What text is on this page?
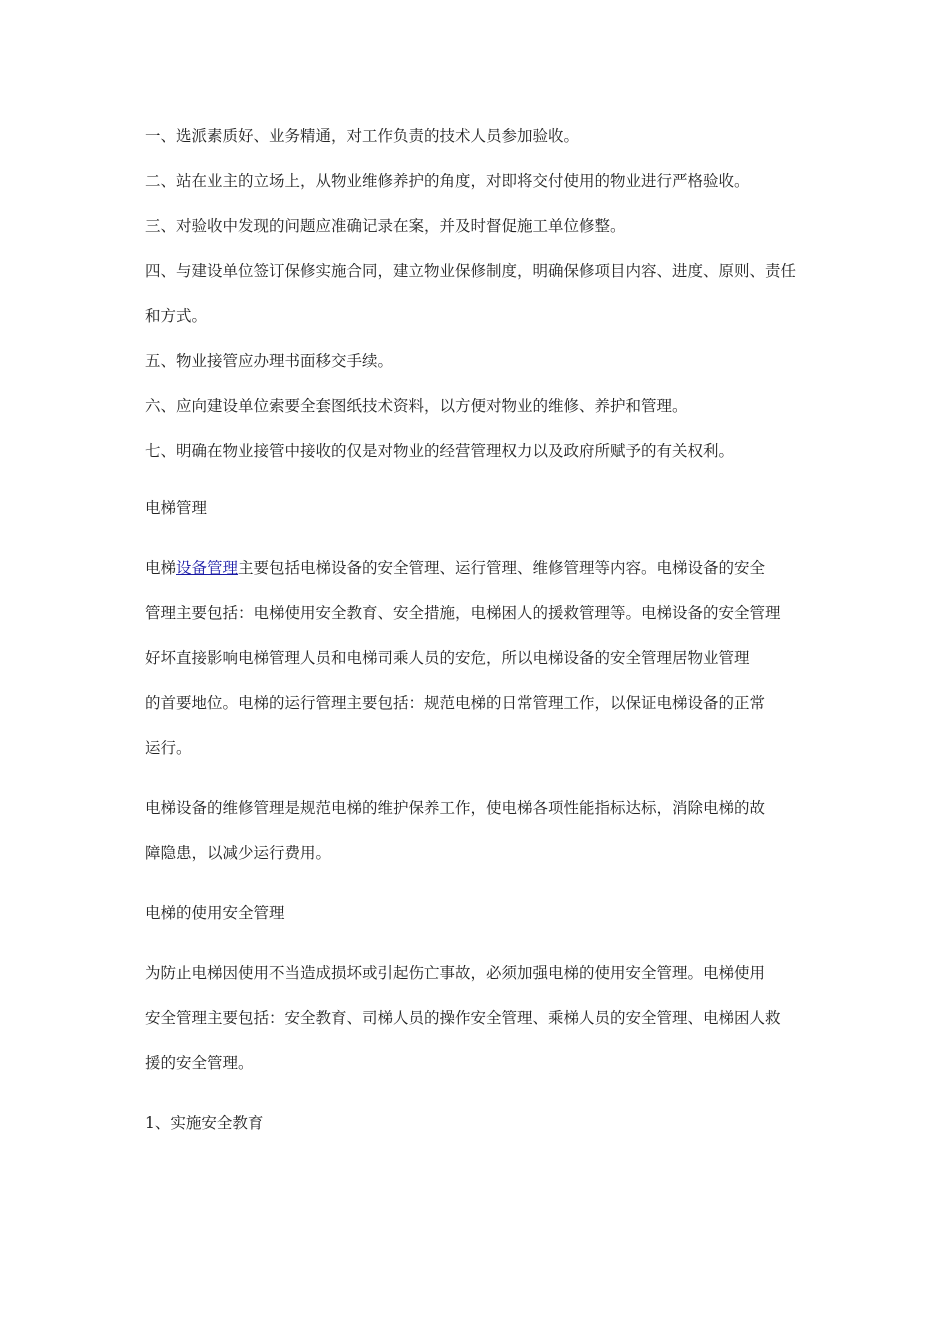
一、选派素质好、业务精通，对工作负责的技术人员参加验收。
二、站在业主的立场上，从物业维修养护的角度，对即将交付使用的物业进行严格验收。
三、对验收中发现的问题应准确记录在案，并及时督促施工单位修整。
四、与建设单位签订保修实施合同，建立物业保修制度，明确保修项目内容、进度、原则、责任
和方式。
五、物业接管应办理书面移交手续。
六、应向建设单位索要全套图纸技术资料，以方便对物业的维修、养护和管理。
七、明确在物业接管中接收的仅是对物业的经营管理权力以及政府所赋予的有关权利。
电梯管理
电梯设备管理主要包括电梯设备的安全管理、运行管理、维修管理等内容。电梯设备的安全
管理主要包括：电梯使用安全教育、安全措施，电梯困人的援救管理等。电梯设备的安全管理
好坏直接影响电梯管理人员和电梯司乘人员的安危，所以电梯设备的安全管理居物业管理
的首要地位。电梯的运行管理主要包括：规范电梯的日常管理工作，以保证电梯设备的正常
运行。
电梯设备的维修管理是规范电梯的维护保养工作，使电梯各项性能指标达标，消除电梯的故
障隐患，以减少运行费用。
电梯的使用安全管理
为防止电梯因使用不当造成损坏或引起伤亡事故，必须加强电梯的使用安全管理。电梯使用
安全管理主要包括：安全教育、司梯人员的操作安全管理、乘梯人员的安全管理、电梯困人救
援的安全管理。
1、实施安全教育
